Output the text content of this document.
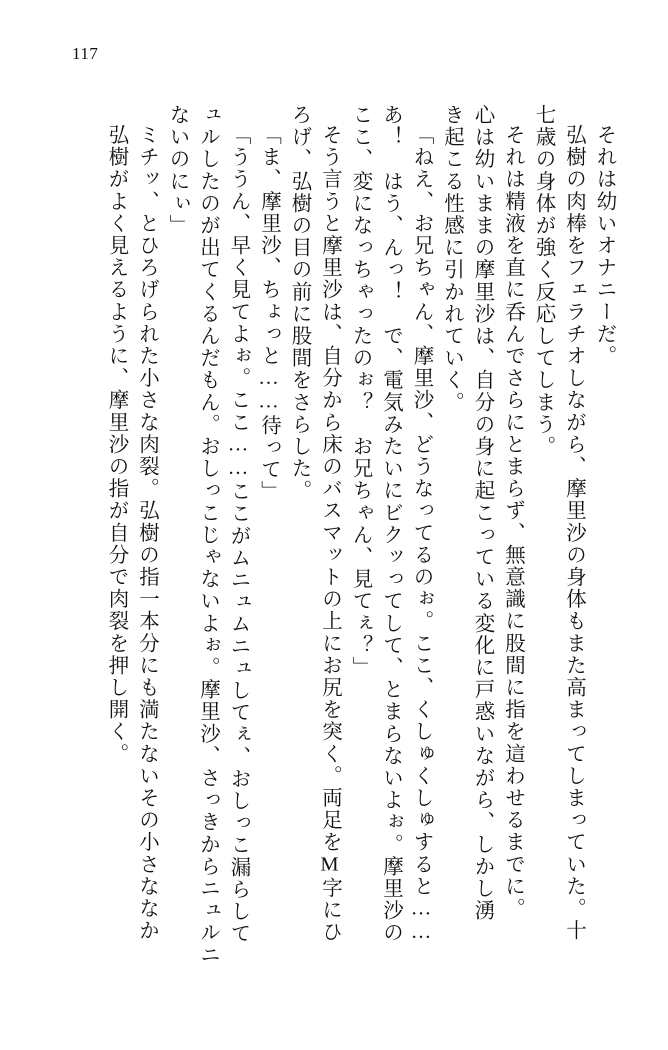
117
それは幼いオナニーだ。
弘樹の肉棒をフェラチオしながら、摩里沙の身体もまた高まってしまっていた。十
七歳の身体が強く反応してしまう。
それは精液を直に呑んでさらにとまらず、無意識に股間に指を這わせるまでに。
心は幼いままの摩里沙は、自分の身に起こっている変化に戸惑いながら、しかし湧
き起こる性感に引かれていく。
「ねえ、お兄ちゃん、摩里沙、どうなってるのぉ。ここ、くしゅくしゅすると……
あ！　はう、んっ！　で、電気みたいにビクッってして、とまらないよぉ。摩里沙の
ここ、変になっちゃったのぉ？　お兄ちゃん、見てぇ？」
そう言うと摩里沙は、自分から床のバスマットの上にお尻を突く。両足をM字にひ
ろげ、弘樹の目の前に股間をさらした。
「ま、摩里沙、ちょっと……待って」
「ううん、早く見てよぉ。ここ……ここがムニュムニュしてぇ、おしっこ漏らして
ュルしたのが出てくるんだもん。おしっこじゃないよぉ。摩里沙、さっきからニュルニ
ないのにぃ」
ミチッ、とひろげられた小さな肉裂。弘樹の指一本分にも満たないその小さななか
弘樹がよく見えるように、摩里沙の指が自分で肉裂を押し開く。
